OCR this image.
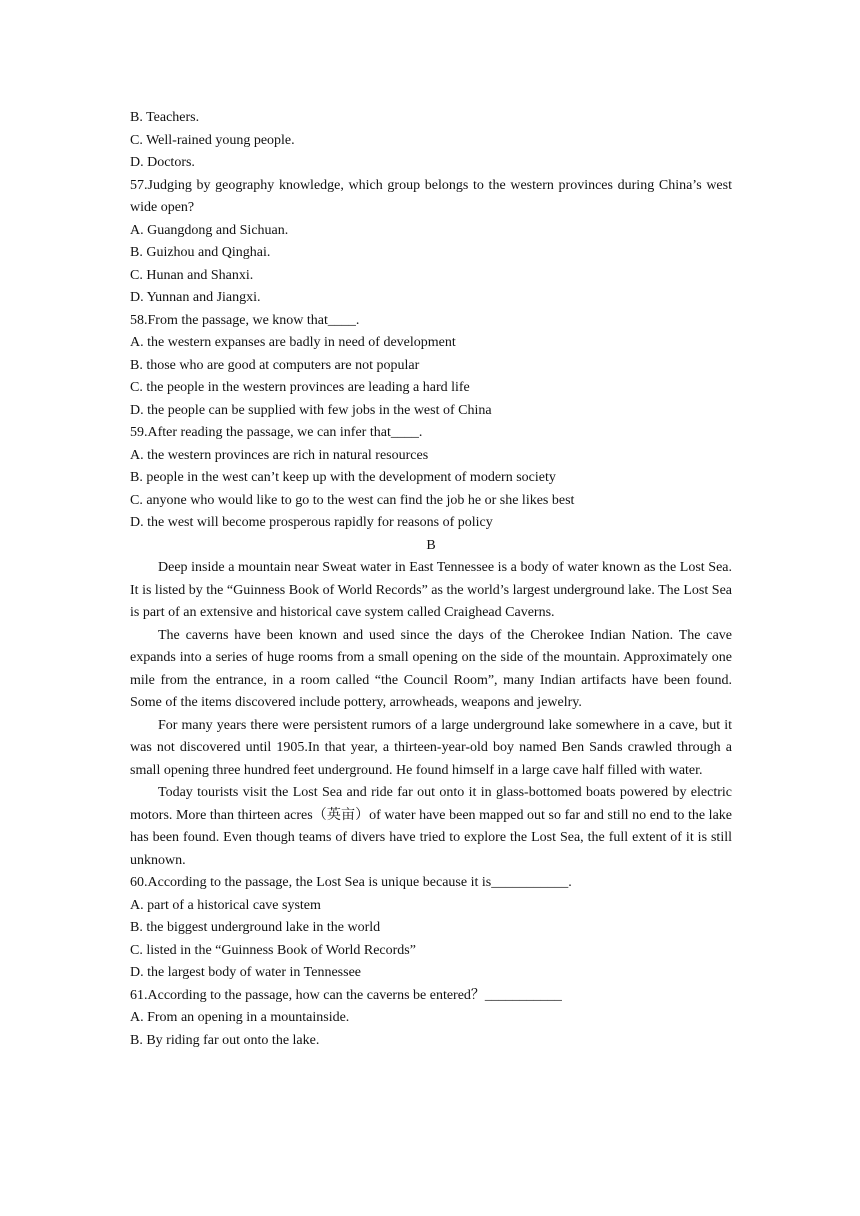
B. Teachers.

C. Well-rained young people.

D. Doctors.

57.Judging by geography knowledge, which group belongs to the western provinces during China’s west wide open?

A. Guangdong and Sichuan.

B. Guizhou and Qinghai.

C. Hunan and Shanxi.

D. Yunnan and Jiangxi.

58.From the passage, we know that____.

A. the western expanses are badly in need of development

B. those who are good at computers are not popular

C. the people in the western provinces are leading a hard life

D. the people can be supplied with few jobs in the west of China

59.After reading the passage, we can infer that____.

A. the western provinces are rich in natural resources

B. people in the west can’t keep up with the development of modern society

C. anyone who would like to go to the west can find the job he or she likes best

D. the west will become prosperous rapidly for reasons of policy

B

Deep inside a mountain near Sweat water in East Tennessee is a body of water known as the Lost Sea. It is listed by the “Guinness Book of World Records” as the world’s largest underground lake. The Lost Sea is part of an extensive and historical cave system called Craighead Caverns.

The caverns have been known and used since the days of the Cherokee Indian Nation. The cave expands into a series of huge rooms from a small opening on the side of the mountain. Approximately one mile from the entrance, in a room called “the Council Room”, many Indian artifacts have been found. Some of the items discovered include pottery, arrowheads, weapons and jewelry.

For many years there were persistent rumors of a large underground lake somewhere in a cave, but it was not discovered until 1905.In that year, a thirteen-year-old boy named Ben Sands crawled through a small opening three hundred feet underground. He found himself in a large cave half filled with water.

Today tourists visit the Lost Sea and ride far out onto it in glass-bottomed boats powered by electric motors. More than thirteen acres（英亩）of water have been mapped out so far and still no end to the lake has been found. Even though teams of divers have tried to explore the Lost Sea, the full extent of it is still unknown.

60.According to the passage, the Lost Sea is unique because it is___________.

A. part of a historical cave system

B. the biggest underground lake in the world

C. listed in the “Guinness Book of World Records”

D. the largest body of water in Tennessee

61.According to the passage, how can the caverns be entered？___________

A. From an opening in a mountainside.

B. By riding far out onto the lake.
